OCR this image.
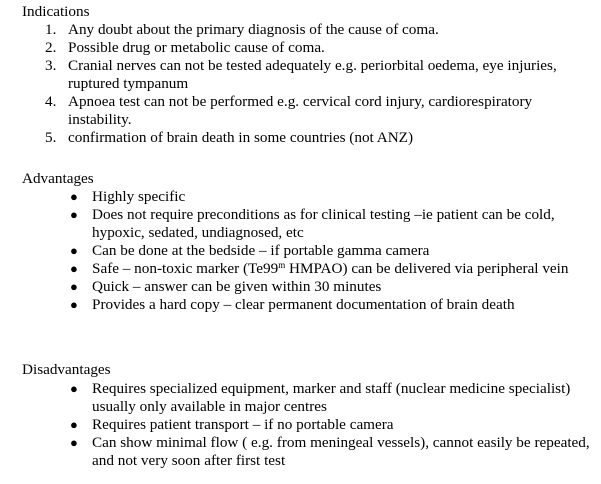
Indications
1. Any doubt about the primary diagnosis of the cause of coma.
2. Possible drug or metabolic cause of coma.
3. Cranial nerves can not be tested adequately e.g. periorbital oedema, eye injuries, ruptured tympanum
4. Apnoea test can not be performed e.g. cervical cord injury, cardiorespiratory instability.
5. confirmation of brain death in some countries (not ANZ)
Advantages
● Highly specific
● Does not require preconditions as for clinical testing –ie patient can be cold, hypoxic, sedated, undiagnosed, etc
● Can be done at the bedside – if portable gamma camera
● Safe – non-toxic marker (Te99$^m$ HMPAO) can be delivered via peripheral vein
● Quick – answer can be given within 30 minutes
● Provides a hard copy – clear permanent documentation of brain death
Disadvantages
● Requires specialized equipment, marker and staff (nuclear medicine specialist) usually only available in major centres
● Requires patient transport – if no portable camera
● Can show minimal flow ( e.g. from meningeal vessels), cannot easily be repeated, and not very soon after first test
